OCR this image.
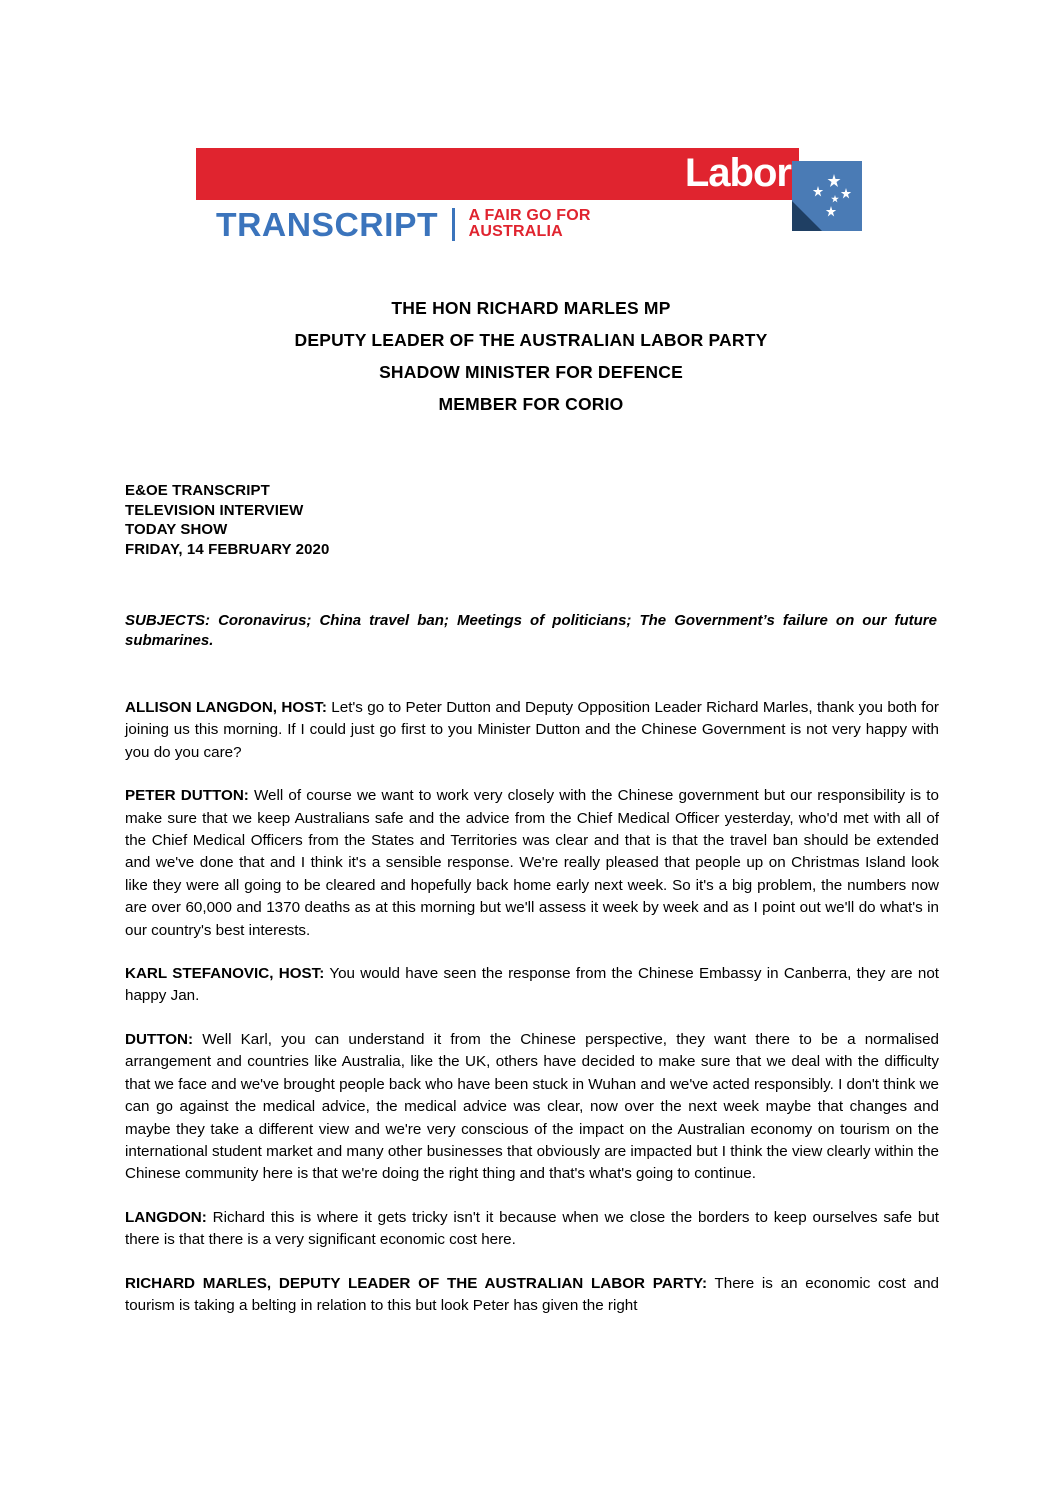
Labor
TRANSCRIPT A FAIR GO FOR
AUSTRALIA
THE HON RICHARD MARLES MP
DEPUTY LEADER OF THE AUSTRALIAN LABOR PARTY
SHADOW MINISTER FOR DEFENCE
MEMBER FOR CORIO
E&OE TRANSCRIPT
TELEVISION INTERVIEW
TODAY SHOW
FRIDAY, 14 FEBRUARY 2020
SUBJECTS: Coronavirus; China travel ban; Meetings of politicians; The Government’s failure on our future submarines.

ALLISON LANGDON, HOST: Let's go to Peter Dutton and Deputy Opposition Leader Richard Marles, thank you both for joining us this morning. If I could just go first to you Minister Dutton and the Chinese Government is not very happy with you do you care?

PETER DUTTON: Well of course we want to work very closely with the Chinese government but our responsibility is to make sure that we keep Australians safe and the advice from the Chief Medical Officer yesterday, who'd met with all of the Chief Medical Officers from the States and Territories was clear and that is that the travel ban should be extended and we've done that and I think it's a sensible response. We're really pleased that people up on Christmas Island look like they were all going to be cleared and hopefully back home early next week. So it's a big problem, the numbers now are over 60,000 and 1370 deaths as at this morning but we'll assess it week by week and as I point out we'll do what's in our country's best interests.

KARL STEFANOVIC, HOST: You would have seen the response from the Chinese Embassy in Canberra, they are not happy Jan.

DUTTON: Well Karl, you can understand it from the Chinese perspective, they want there to be a normalised arrangement and countries like Australia, like the UK, others have decided to make sure that we deal with the difficulty that we face and we've brought people back who have been stuck in Wuhan and we've acted responsibly. I don't think we can go against the medical advice, the medical advice was clear, now over the next week maybe that changes and maybe they take a different view and we're very conscious of the impact on the Australian economy on tourism on the international student market and many other businesses that obviously are impacted but I think the view clearly within the Chinese community here is that we're doing the right thing and that's what's going to continue.

LANGDON: Richard this is where it gets tricky isn't it because when we close the borders to keep ourselves safe but there is that there is a very significant economic cost here.

RICHARD MARLES, DEPUTY LEADER OF THE AUSTRALIAN LABOR PARTY: There is an economic cost and tourism is taking a belting in relation to this but look Peter has given the right
